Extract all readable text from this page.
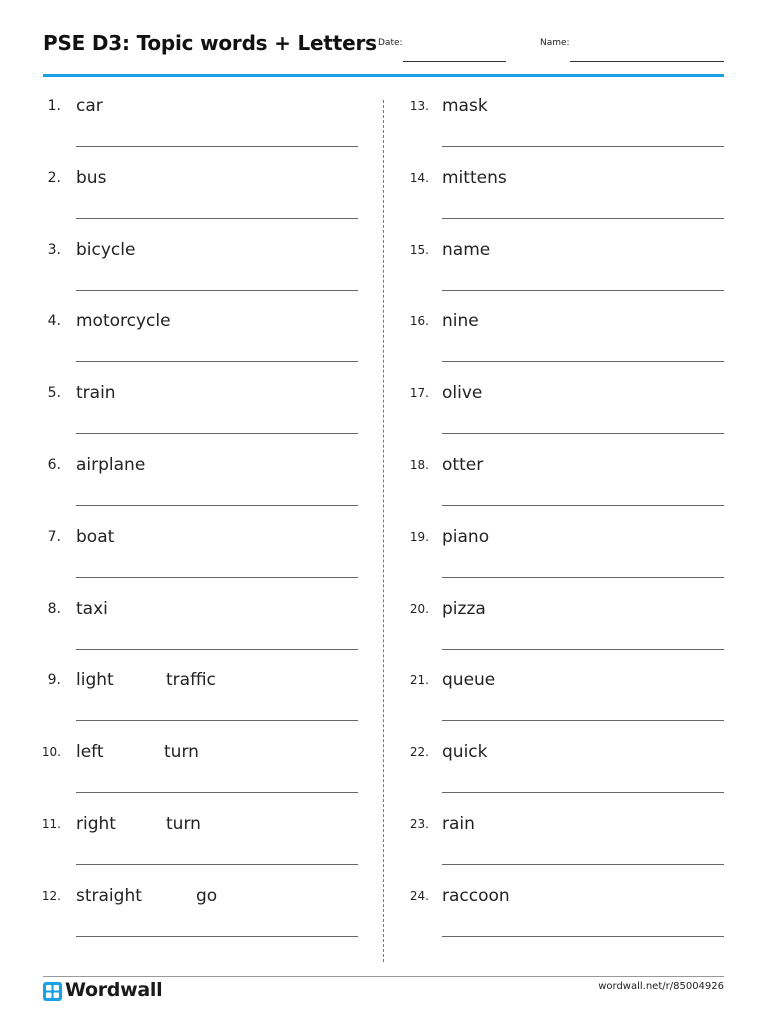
PSE D3: Topic words + Letters Date:	Name:
1. car
2. bus
3. bicycle
4. motorcycle
5. train
6. airplane
7. boat
8. taxi
9. light	traffic
10. left	turn
11. right	turn
12. straight	go
13. mask
14. mittens
15. name
16. nine
17. olive
18. otter
19. piano
20. pizza
21. queue
22. quick
23. rain
24. raccoon
Wordwall	wordwall.net/r/85004926
